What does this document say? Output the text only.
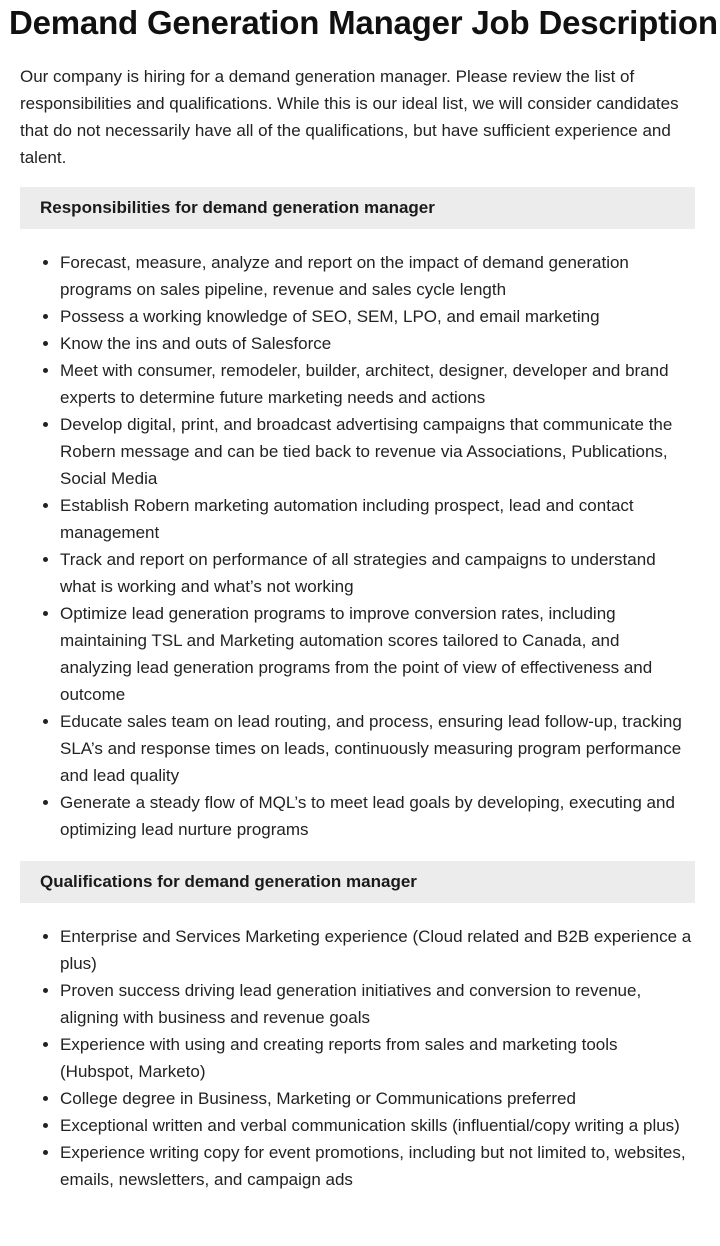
Demand Generation Manager Job Description

Our company is hiring for a demand generation manager. Please review the list of responsibilities and qualifications. While this is our ideal list, we will consider candidates that do not necessarily have all of the qualifications, but have sufficient experience and talent.

Responsibilities for demand generation manager
• Forecast, measure, analyze and report on the impact of demand generation programs on sales pipeline, revenue and sales cycle length
• Possess a working knowledge of SEO, SEM, LPO, and email marketing
• Know the ins and outs of Salesforce
• Meet with consumer, remodeler, builder, architect, designer, developer and brand experts to determine future marketing needs and actions
• Develop digital, print, and broadcast advertising campaigns that communicate the Robern message and can be tied back to revenue via Associations, Publications, Social Media
• Establish Robern marketing automation including prospect, lead and contact management
• Track and report on performance of all strategies and campaigns to understand what is working and what’s not working
• Optimize lead generation programs to improve conversion rates, including maintaining TSL and Marketing automation scores tailored to Canada, and analyzing lead generation programs from the point of view of effectiveness and outcome
• Educate sales team on lead routing, and process, ensuring lead follow-up, tracking SLA’s and response times on leads, continuously measuring program performance and lead quality
• Generate a steady flow of MQL’s to meet lead goals by developing, executing and optimizing lead nurture programs
Qualifications for demand generation manager
• Enterprise and Services Marketing experience (Cloud related and B2B experience a plus)
• Proven success driving lead generation initiatives and conversion to revenue, aligning with business and revenue goals
• Experience with using and creating reports from sales and marketing tools (Hubspot, Marketo)
• College degree in Business, Marketing or Communications preferred
• Exceptional written and verbal communication skills (influential/copy writing a plus)
• Experience writing copy for event promotions, including but not limited to, websites, emails, newsletters, and campaign ads
